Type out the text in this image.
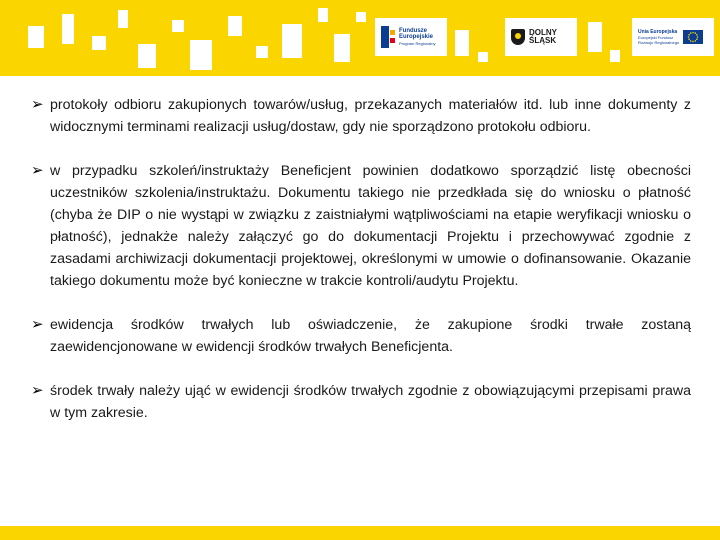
Fundusze
Europejskie
Program Regionalny
DOLNY
ŚLĄSK
Unia Europejska
Europejski Fundusz
Rozwoju Regionalnego
➢ protokoły odbioru zakupionych towarów/usług, przekazanych materiałów itd. lub inne dokumenty z widocznymi terminami realizacji usług/dostaw, gdy nie sporządzono protokołu odbioru.

➢ w przypadku szkoleń/instruktaży Beneficjent powinien dodatkowo sporządzić listę obecności uczestników szkolenia/instruktażu. Dokumentu takiego nie przedkłada się do wniosku o płatność (chyba że DIP o nie wystąpi w związku z zaistniałymi wątpliwościami na etapie weryfikacji wniosku o płatność), jednakże należy załączyć go do dokumentacji Projektu i przechowywać zgodnie z zasadami archiwizacji dokumentacji projektowej, określonymi w umowie o dofinansowanie. Okazanie takiego dokumentu może być konieczne w trakcie kontroli/audytu Projektu.

➢ ewidencja środków trwałych lub oświadczenie, że zakupione środki trwałe zostaną zaewidencjonowane w ewidencji środków trwałych Beneficjenta.

➢ środek trwały należy ująć w ewidencji środków trwałych zgodnie z obowiązującymi przepisami prawa w tym zakresie.
